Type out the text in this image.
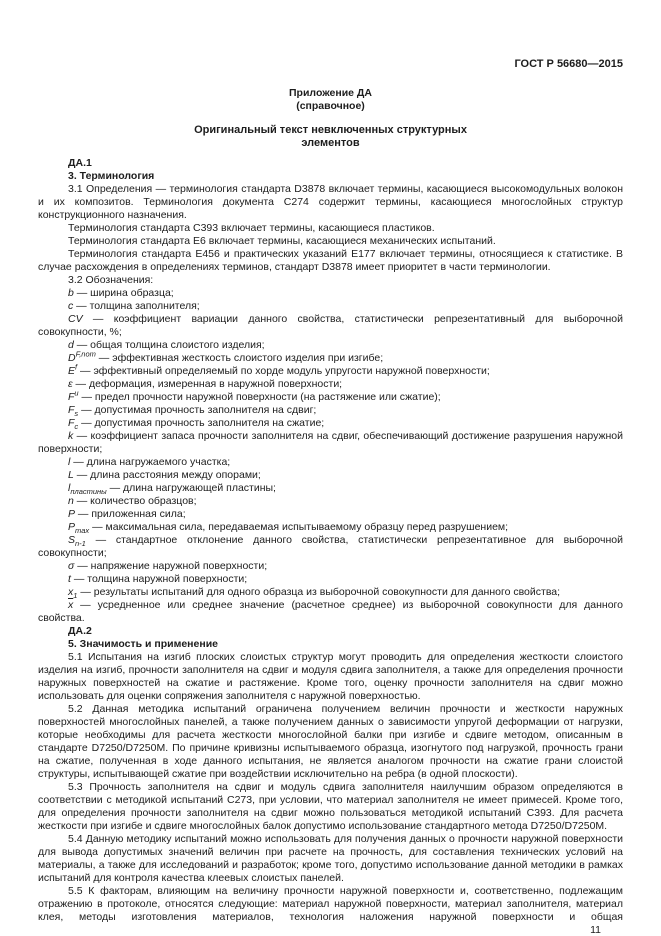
ГОСТ Р 56680—2015

Приложение ДА

(справочное)

Оригинальный текст невключенных структурных
элементов

ДА.1

3. Терминология

3.1 Определения — терминология стандарта D3878 включает термины, касающиеся высокомодульных волокон и их композитов. Терминология документа C274 содержит термины, касающиеся многослойных структур конструкционного назначения.

Терминология стандарта C393 включает термины, касающиеся пластиков.

Терминология стандарта E6 включает термины, касающиеся механических испытаний.

Терминология стандарта E456 и практических указаний E177 включает термины, относящиеся к статистике. В случае расхождения в определениях терминов, стандарт D3878 имеет приоритет в части терминологии.

3.2 Обозначения:

b — ширина образца;

c — толщина заполнителя;

CV — коэффициент вариации данного свойства, статистически репрезентативный для выборочной совокупности, %;

d — общая толщина слоистого изделия;

$D^{F,nom}$ — эффективная жесткость слоистого изделия при изгибе;

$E^f$ — эффективный определяемый по хорде модуль упругости наружной поверхности;

ε — деформация, измеренная в наружной поверхности;

$F^u$ — предел прочности наружной поверхности (на растяжение или сжатие);

$F_s$ — допустимая прочность заполнителя на сдвиг;

$F_c$ — допустимая прочность заполнителя на сжатие;

k — коэффициент запаса прочности заполнителя на сдвиг, обеспечивающий достижение разрушения наружной поверхности;

l — длина нагружаемого участка;

L — длина расстояния между опорами;

$l_{пластины}$ — длина нагружающей пластины;

n — количество образцов;

P — приложенная сила;

$P_{max}$ — максимальная сила, передаваемая испытываемому образцу перед разрушением;

$S_{n-1}$ — стандартное отклонение данного свойства, статистически репрезентативное для выборочной совокупности;

σ — напряжение наружной поверхности;

t — толщина наружной поверхности;

$x_1$ — результаты испытаний для одного образца из выборочной совокупности для данного свойства;

$\overline{x}$ — усредненное или среднее значение (расчетное среднее) из выборочной совокупности для данного свойства.

ДА.2

5. Значимость и применение

5.1 Испытания на изгиб плоских слоистых структур могут проводить для определения жесткости слоистого изделия на изгиб, прочности заполнителя на сдвиг и модуля сдвига заполнителя, а также для определения прочности наружных поверхностей на сжатие и растяжение. Кроме того, оценку прочности заполнителя на сдвиг можно использовать для оценки сопряжения заполнителя с наружной поверхностью.

5.2 Данная методика испытаний ограничена получением величин прочности и жесткости наружных поверхностей многослойных панелей, а также получением данных о зависимости упругой деформации от нагрузки, которые необходимы для расчета жесткости многослойной балки при изгибе и сдвиге методом, описанным в стандарте D7250/D7250M. По причине кривизны испытываемого образца, изогнутого под нагрузкой, прочность грани на сжатие, полученная в ходе данного испытания, не является аналогом прочности на сжатие грани слоистой структуры, испытывающей сжатие при воздействии исключительно на ребра (в одной плоскости).

5.3 Прочность заполнителя на сдвиг и модуль сдвига заполнителя наилучшим образом определяются в соответствии с методикой испытаний C273, при условии, что материал заполнителя не имеет примесей. Кроме того, для определения прочности заполнителя на сдвиг можно пользоваться методикой испытаний C393. Для расчета жесткости при изгибе и сдвиге многослойных балок допустимо использование стандартного метода D7250/D7250M.

5.4 Данную методику испытаний можно использовать для получения данных о прочности наружной поверхности для вывода допустимых значений величин при расчете на прочность, для составления технических условий на материалы, а также для исследований и разработок; кроме того, допустимо использование данной методики в рамках испытаний для контроля качества клеевых слоистых панелей.

5.5 К факторам, влияющим на величину прочности наружной поверхности и, соответственно, подлежащим отражению в протоколе, относятся следующие: материал наружной поверхности, материал заполнителя, материал клея, методы изготовления материалов, технология наложения наружной поверхности и общая

11
